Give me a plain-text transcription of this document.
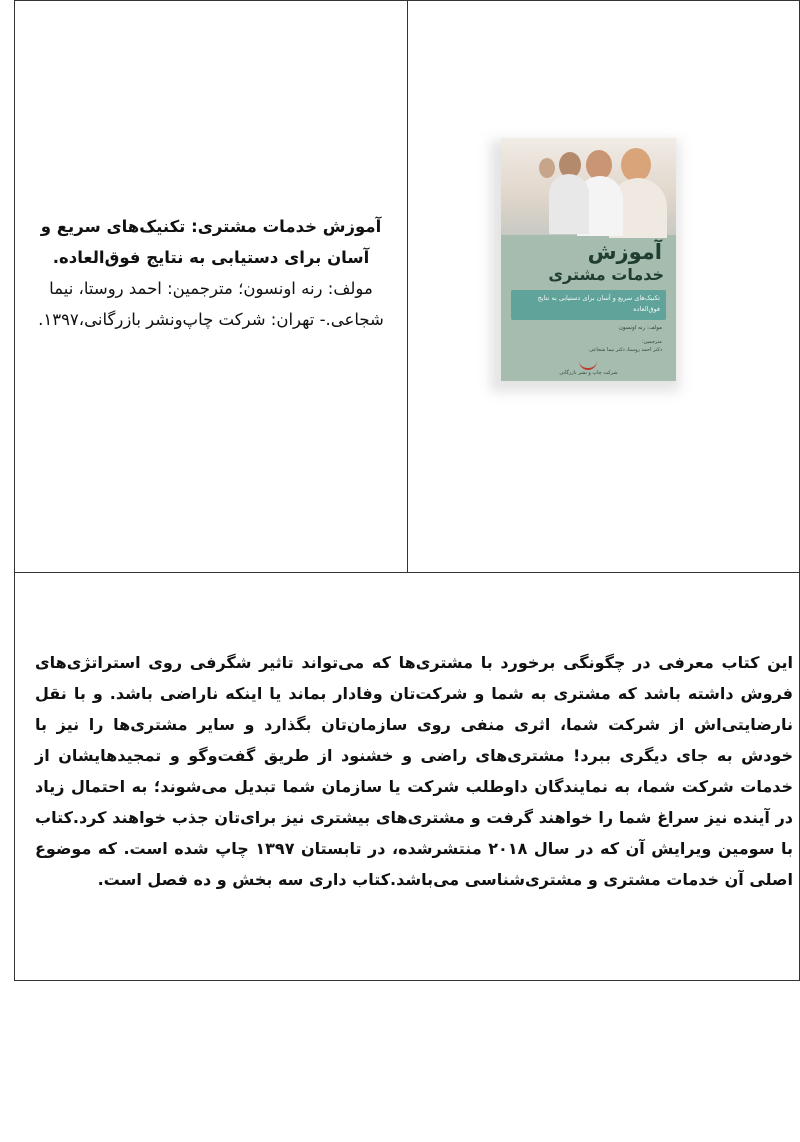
آموزش خدمات مشتری: تکنیک‌های سریع و آسان برای دستیابی به نتایج فوق‌العاده. مولف: رنه اونسون؛ مترجمین: احمد روستا، نیما شجاعی.- تهران: شرکت چاپ‌ونشر بازرگانی،۱۳۹۷.
این کتاب معرفی در چگونگی برخورد با مشتری‌ها که می‌تواند تاثیر شگرفی روی استراتژی‌های فروش داشته باشد که مشتری به شما و شرکت‌تان وفادار بماند یا اینکه ناراضی باشد. و با نقل نارضایتی‌اش از شرکت شما، اثری منفی روی سازمان‌تان بگذارد و سایر مشتری‌ها را نیز با خودش به جای دیگری ببرد! مشتری‌های راضی و خشنود از طریق گفت‌وگو و تمجیدهایشان از خدمات شرکت شما، به نمایندگان داوطلب شرکت یا سازمان شما تبدیل می‌شوند؛ به احتمال زیاد در آینده نیز سراغ شما را خواهند گرفت و مشتری‌های بیشتری نیز برای‌تان جذب خواهند کرد.کتاب با سومین ویرایش آن که در سال ۲۰۱۸ منتشرشده، در تابستان ۱۳۹۷ چاپ شده است. که موضوع اصلی آن خدمات مشتری و مشتری‌شناسی می‌باشد.کتاب داری سه بخش و ده فصل است.
آموزش
خدمات مشتری
تکنیک‌های سریع و آسان برای دستیابی به نتایج فوق‌العاده
مولف: رنه اونسون
مترجمین:
دکتر احمد روستا، دکتر نیما شجاعی
شرکت چاپ و نشر بازرگانی
